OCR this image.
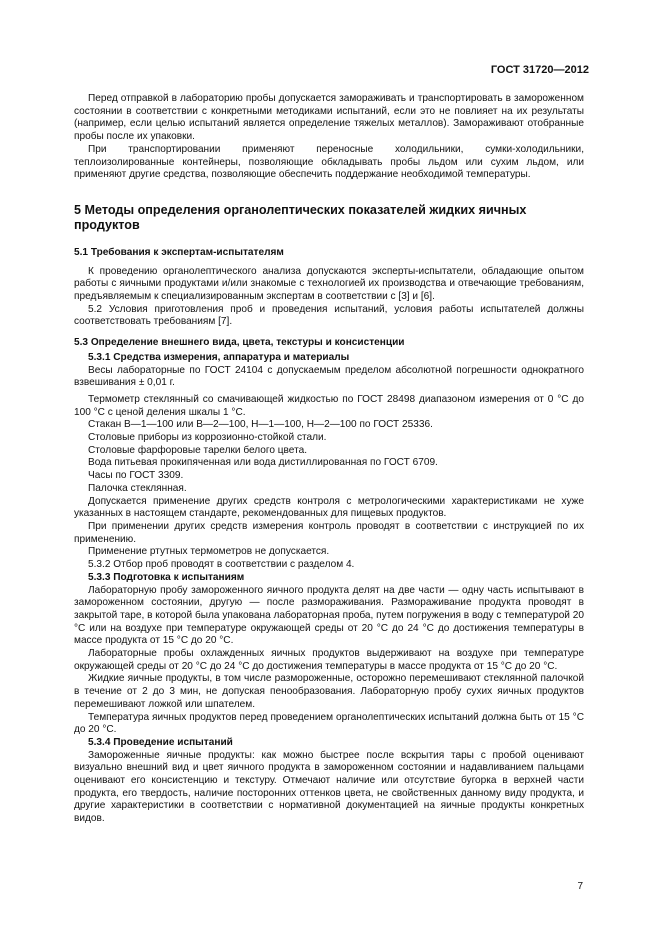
ГОСТ 31720—2012

Перед отправкой в лабораторию пробы допускается замораживать и транспортировать в замороженном состоянии в соответствии с конкретными методиками испытаний, если это не повлияет на их результаты (например, если целью испытаний является определение тяжелых металлов). Замораживают отобранные пробы после их упаковки.

При транспортировании применяют переносные холодильники, сумки-холодильники, теплоизолированные контейнеры, позволяющие обкладывать пробы льдом или сухим льдом, или применяют другие средства, позволяющие обеспечить поддержание необходимой температуры.

5 Методы определения органолептических показателей жидких яичных продуктов

5.1 Требования к экспертам-испытателям

К проведению органолептического анализа допускаются эксперты-испытатели, обладающие опытом работы с яичными продуктами и/или знакомые с технологией их производства и отвечающие требованиям, предъявляемым к специализированным экспертам в соответствии с [3] и [6].

5.2 Условия приготовления проб и проведения испытаний, условия работы испытателей должны соответствовать требованиям [7].

5.3 Определение внешнего вида, цвета, текстуры и консистенции

5.3.1 Средства измерения, аппаратура и материалы

Весы лабораторные по ГОСТ 24104 с допускаемым пределом абсолютной погрешности однократного взвешивания ± 0,01 г.

Термометр стеклянный со смачивающей жидкостью по ГОСТ 28498 диапазоном измерения от 0 °С до 100 °С с ценой деления шкалы 1 °С.

Стакан В—1—100 или В—2—100, Н—1—100, Н—2—100 по ГОСТ 25336.

Столовые приборы из коррозионно-стойкой стали.

Столовые фарфоровые тарелки белого цвета.

Вода питьевая прокипяченная или вода дистиллированная по ГОСТ 6709.

Часы по ГОСТ 3309.

Палочка стеклянная.

Допускается применение других средств контроля с метрологическими характеристиками не хуже указанных в настоящем стандарте, рекомендованных для пищевых продуктов.

При применении других средств измерения контроль проводят в соответствии с инструкцией по их применению.

Применение ртутных термометров не допускается.

5.3.2 Отбор проб проводят в соответствии с разделом 4.

5.3.3 Подготовка к испытаниям

Лабораторную пробу замороженного яичного продукта делят на две части — одну часть испытывают в замороженном состоянии, другую — после размораживания. Размораживание продукта проводят в закрытой таре, в которой была упакована лабораторная проба, путем погружения в воду с температурой 20 °С или на воздухе при температуре окружающей среды от 20 °С до 24 °С до достижения температуры в массе продукта от 15 °С до 20 °С.

Лабораторные пробы охлажденных яичных продуктов выдерживают на воздухе при температуре окружающей среды от 20 °С до 24 °С до достижения температуры в массе продукта от 15 °С до 20 °С.

Жидкие яичные продукты, в том числе размороженные, осторожно перемешивают стеклянной палочкой в течение от 2 до 3 мин, не допуская пенообразования. Лабораторную пробу сухих яичных продуктов перемешивают ложкой или шпателем.

Температура яичных продуктов перед проведением органолептических испытаний должна быть от 15 °С до 20 °С.

5.3.4 Проведение испытаний

Замороженные яичные продукты: как можно быстрее после вскрытия тары с пробой оценивают визуально внешний вид и цвет яичного продукта в замороженном состоянии и надавливанием пальцами оценивают его консистенцию и текстуру. Отмечают наличие или отсутствие бугорка в верхней части продукта, его твердость, наличие посторонних оттенков цвета, не свойственных данному виду продукта, и другие характеристики в соответствии с нормативной документацией на яичные продукты конкретных видов.

7
